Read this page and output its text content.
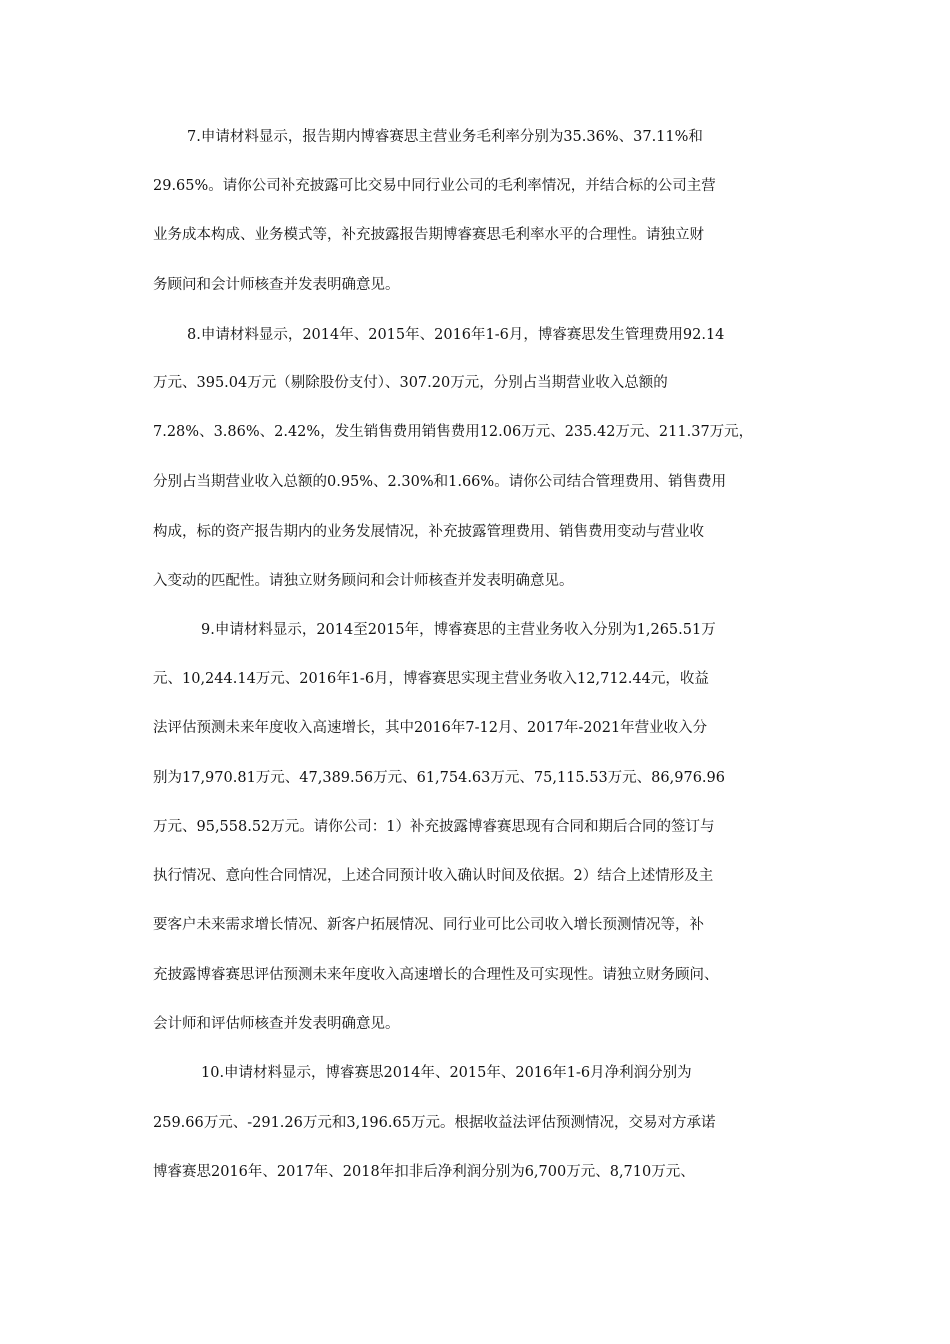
7.申请材料显示，报告期内博睿赛思主营业务毛利率分别为35.36%、37.11%和
29.65%。请你公司补充披露可比交易中同行业公司的毛利率情况，并结合标的公司主营
业务成本构成、业务模式等，补充披露报告期博睿赛思毛利率水平的合理性。请独立财
务顾问和会计师核查并发表明确意见。
8.申请材料显示，2014年、2015年、2016年1-6月，博睿赛思发生管理费用92.14
万元、395.04万元（剔除股份支付）、307.20万元，分别占当期营业收入总额的
7.28%、3.86%、2.42%，发生销售费用销售费用12.06万元、235.42万元、211.37万元，
分别占当期营业收入总额的0.95%、2.30%和1.66%。请你公司结合管理费用、销售费用
构成，标的资产报告期内的业务发展情况，补充披露管理费用、销售费用变动与营业收
入变动的匹配性。请独立财务顾问和会计师核查并发表明确意见。
9.申请材料显示，2014至2015年，博睿赛思的主营业务收入分别为1,265.51万
元、10,244.14万元、2016年1-6月，博睿赛思实现主营业务收入12,712.44元，收益
法评估预测未来年度收入高速增长，其中2016年7-12月、2017年-2021年营业收入分
别为17,970.81万元、47,389.56万元、61,754.63万元、75,115.53万元、86,976.96
万元、95,558.52万元。请你公司：1）补充披露博睿赛思现有合同和期后合同的签订与
执行情况、意向性合同情况，上述合同预计收入确认时间及依据。2）结合上述情形及主
要客户未来需求增长情况、新客户拓展情况、同行业可比公司收入增长预测情况等，补
充披露博睿赛思评估预测未来年度收入高速增长的合理性及可实现性。请独立财务顾问、
会计师和评估师核查并发表明确意见。
10.申请材料显示，博睿赛思2014年、2015年、2016年1-6月净利润分别为
259.66万元、-291.26万元和3,196.65万元。根据收益法评估预测情况，交易对方承诺
博睿赛思2016年、2017年、2018年扣非后净利润分别为6,700万元、8,710万元、
